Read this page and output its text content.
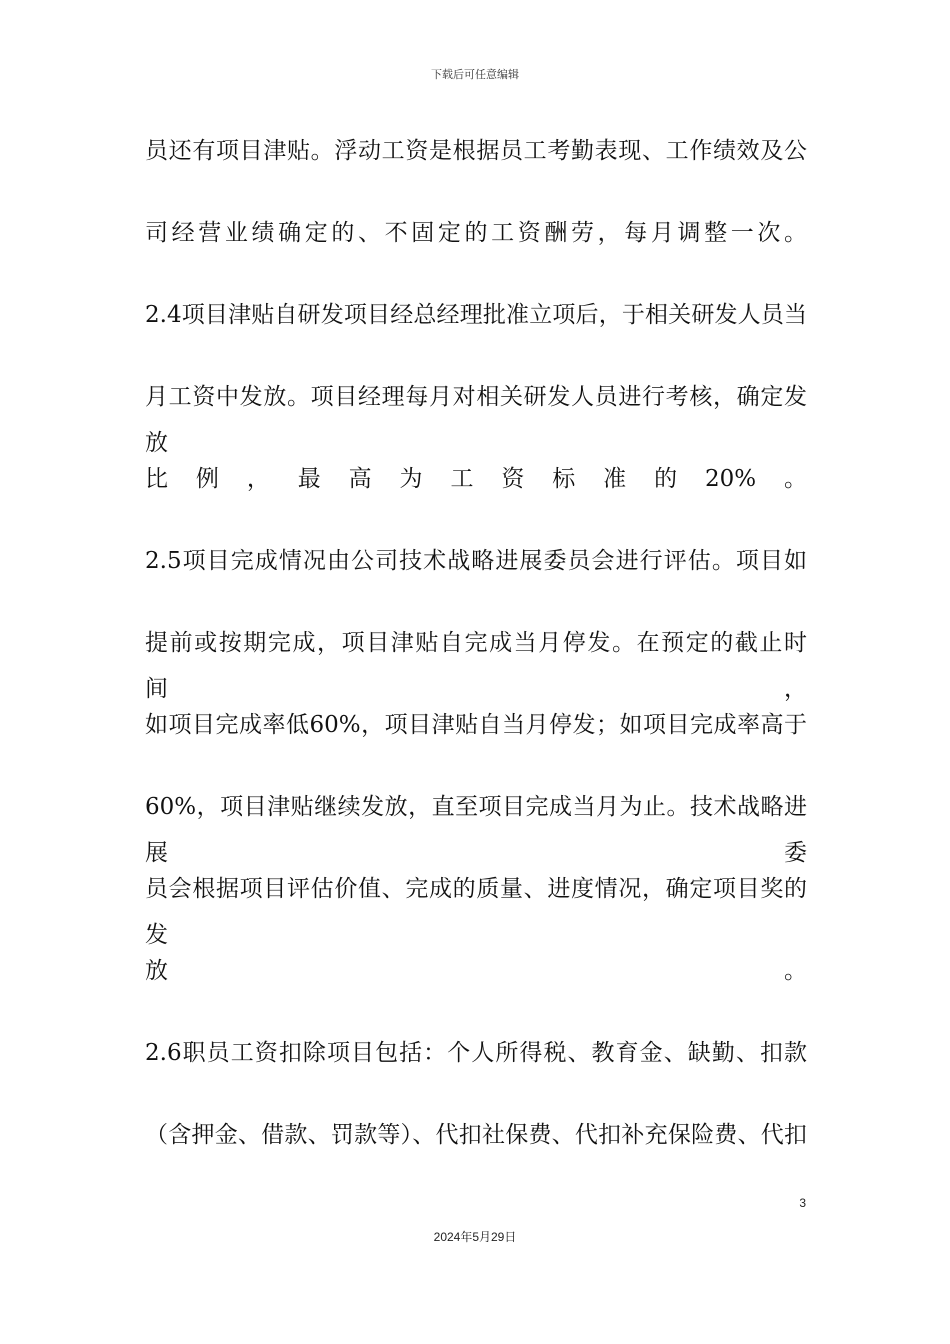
下载后可任意编辑
员还有项目津贴。浮动工资是根据员工考勤表现、工作绩效及公
司经营业绩确定的、不固定的工资酬劳，每月调整一次。
2.4项目津贴自研发项目经总经理批准立项后，于相关研发人员当
月工资中发放。项目经理每月对相关研发人员进行考核，确定发放
比 例 ， 最 高 为 工 资 标 准 的 20% 。
2.5项目完成情况由公司技术战略进展委员会进行评估。项目如
提前或按期完成，项目津贴自完成当月停发。在预定的截止时间，
如项目完成率低60%，项目津贴自当月停发；如项目完成率高于
60%，项目津贴继续发放，直至项目完成当月为止。技术战略进展委
员会根据项目评估价值、完成的质量、进度情况，确定项目奖的发
放	。
2.6职员工资扣除项目包括：个人所得税、教育金、缺勤、扣款
（含押金、借款、罚款等）、代扣社保费、代扣补充保险费、代扣
3
2024年5月29日
